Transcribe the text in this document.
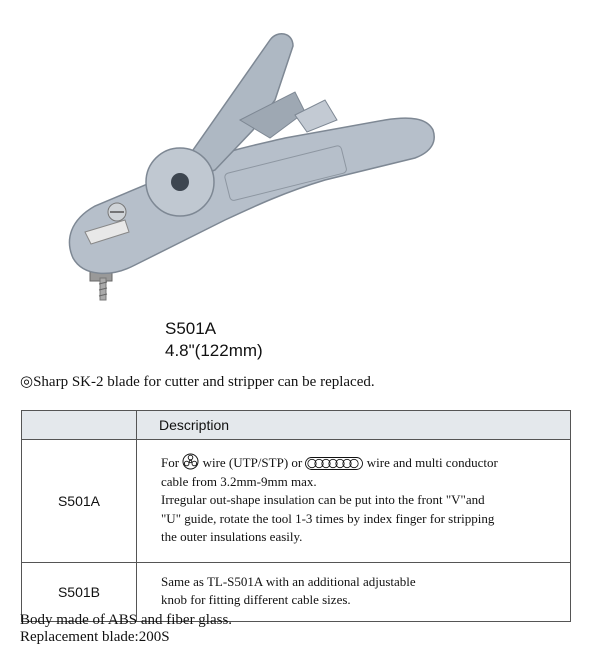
S501A
4.8"(122mm)
◎Sharp SK-2 blade for cutter and stripper can be replaced.
	Description
S501A	For  wire (UTP/STP) or wire and multi conductor
cable from 3.2mm-9mm max.
Irregular out-shape insulation can be put into the front "V"and
"U" guide, rotate the tool 1-3 times by index finger for stripping
the outer insulations easily.

S501B	Same as TL-S501A with an additional adjustable
knob for fitting different cable sizes.
Body made of ABS and fiber glass.
Replacement blade:200S
